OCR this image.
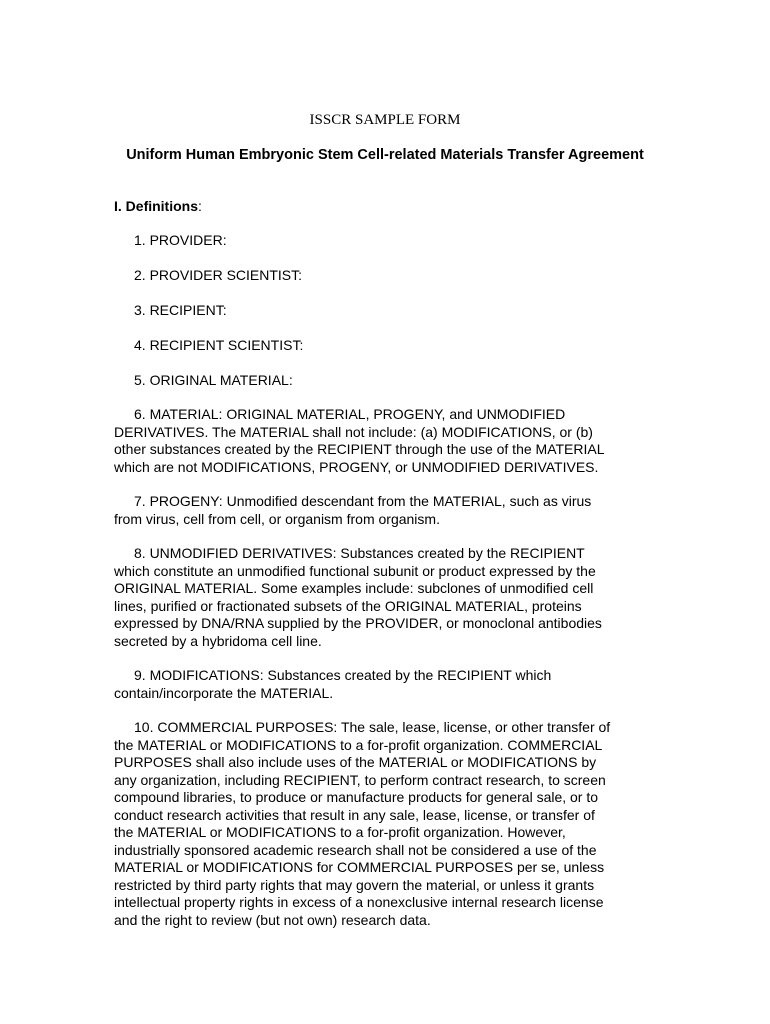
ISSCR SAMPLE FORM
Uniform Human Embryonic Stem Cell-related Materials Transfer Agreement
I. Definitions:
1. PROVIDER:
2. PROVIDER SCIENTIST:
3. RECIPIENT:
4. RECIPIENT SCIENTIST:
5. ORIGINAL MATERIAL:
6. MATERIAL: ORIGINAL MATERIAL, PROGENY, and UNMODIFIED
DERIVATIVES. The MATERIAL shall not include: (a) MODIFICATIONS, or (b)
other substances created by the RECIPIENT through the use of the MATERIAL
which are not MODIFICATIONS, PROGENY, or UNMODIFIED DERIVATIVES.
7. PROGENY: Unmodified descendant from the MATERIAL, such as virus
from virus, cell from cell, or organism from organism.
8. UNMODIFIED DERIVATIVES: Substances created by the RECIPIENT
which constitute an unmodified functional subunit or product expressed by the
ORIGINAL MATERIAL. Some examples include: subclones of unmodified cell
lines, purified or fractionated subsets of the ORIGINAL MATERIAL, proteins
expressed by DNA/RNA supplied by the PROVIDER, or monoclonal antibodies
secreted by a hybridoma cell line.
9. MODIFICATIONS: Substances created by the RECIPIENT which
contain/incorporate the MATERIAL.
10. COMMERCIAL PURPOSES: The sale, lease, license, or other transfer of
the MATERIAL or MODIFICATIONS to a for-profit organization. COMMERCIAL
PURPOSES shall also include uses of the MATERIAL or MODIFICATIONS by
any organization, including RECIPIENT, to perform contract research, to screen
compound libraries, to produce or manufacture products for general sale, or to
conduct research activities that result in any sale, lease, license, or transfer of
the MATERIAL or MODIFICATIONS to a for-profit organization. However,
industrially sponsored academic research shall not be considered a use of the
MATERIAL or MODIFICATIONS for COMMERCIAL PURPOSES per se, unless
restricted by third party rights that may govern the material, or unless it grants
intellectual property rights in excess of a nonexclusive internal research license
and the right to review (but not own) research data.
